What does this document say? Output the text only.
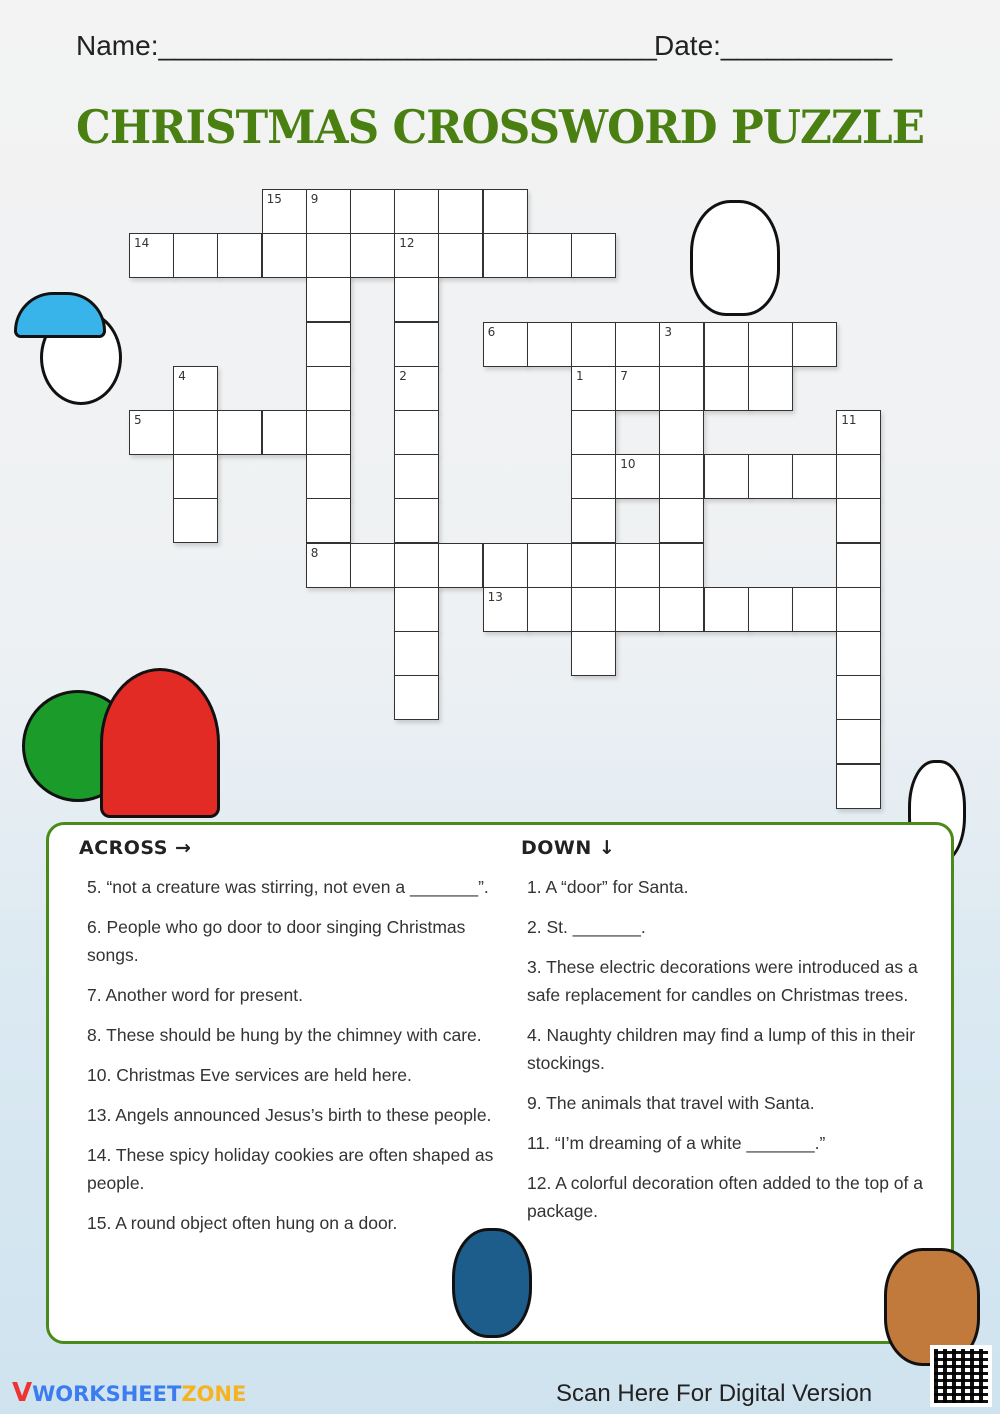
Name:________________________________
Date:___________
CHRISTMAS CROSSWORD PUZZLE
15 9
14	12
6	3
4	2	1	7
5	11
10
8
13
ACROSS →
5. “not a creature was stirring, not even a _______”.
6. People who go door to door singing Christmas songs.
7. Another word for present.
8. These should be hung by the chimney with care.
10. Christmas Eve services are held here.
13. Angels announced Jesus’s birth to these people.
14. These spicy holiday cookies are often shaped as people.
15. A round object often hung on a door.
DOWN ↓
1. A “door” for Santa.
2. St. _______.
3. These electric decorations were introduced as a safe replacement for candles on Christmas trees.
4. Naughty children may find a lump of this in their stockings.
9. The animals that travel with Santa.
11. “I’m dreaming of a white _______.”
12. A colorful decoration often added to the top of a package.
VWORKSHEETZONE	Scan Here For Digital Version
